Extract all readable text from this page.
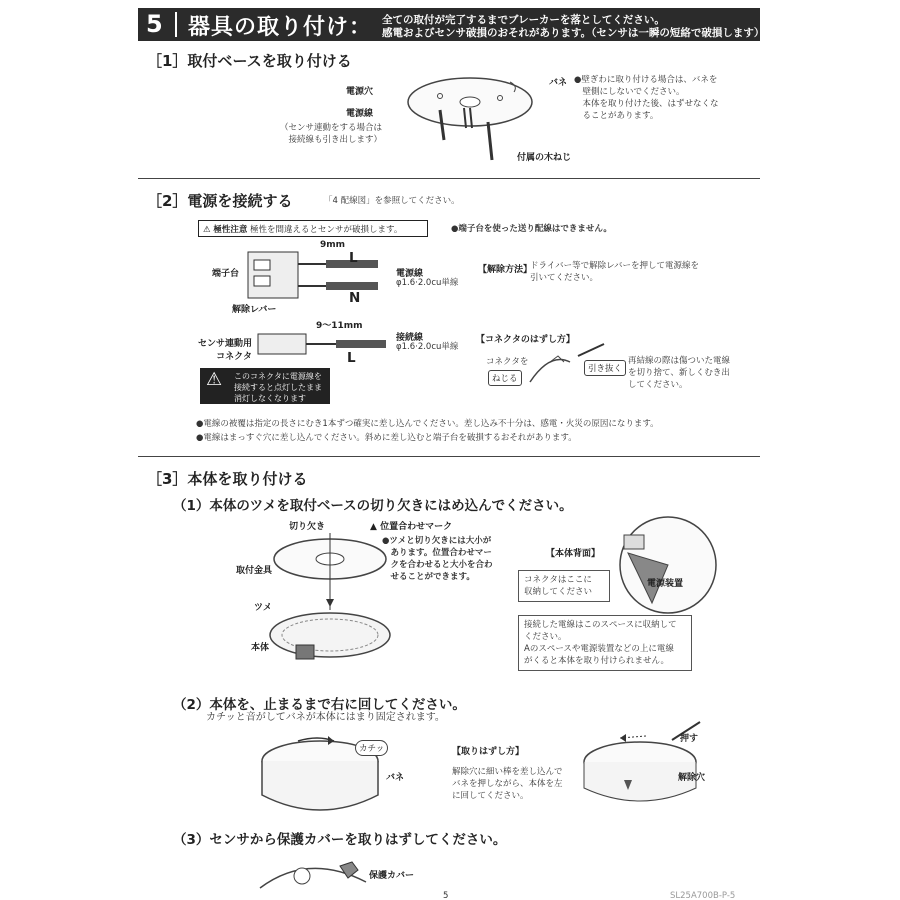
5 器具の取り付け： 全ての取付が完了するまでブレーカーを落としてください。
感電およびセンサ破損のおそれがあります。（センサは一瞬の短絡で破損します）
［1］取付ベースを取り付ける
電源穴
電源線
（センサ連動をする場合は
接続線も引き出します）
バネ
付属の木ねじ
●壁ぎわに取り付ける場合は、バネを
　壁側にしないでください。
　本体を取り付けた後、はずせなくな
　ることがあります。
［2］電源を接続する	「4 配線図」を参照してください。
⚠ 極性注意 極性を間違えるとセンサが破損します。	●端子台を使った送り配線はできません。
端子台
9mm
L
N
解除レバー
電源線
φ1.6·2.0cu単線
【解除方法】
ドライバー等で解除レバーを押して電源線を
引いてください。
センサ連動用
コネクタ
9～11mm
L
接続線
φ1.6·2.0cu単線
⚠ このコネクタに電源線を
接続すると点灯したまま
消灯しなくなります
【コネクタのはずし方】
コネクタを
ねじる
引き抜く
再結線の際は傷ついた電線
を切り捨て、新しくむき出
してください。
●電線の被覆は指定の長さにむき1本ずつ確実に差し込んでください。差し込み不十分は、感電・火災の原因になります。
●電線はまっすぐ穴に差し込んでください。斜めに差し込むと端子台を破損するおそれがあります。
［3］本体を取り付ける
（1）本体のツメを取付ベースの切り欠きにはめ込んでください。
切り欠き	▲ 位置合わせマーク
●ツメと切り欠きには大小が
　あります。位置合わせマー
　クを合わせると大小を合わ
　せることができます。
取付金具
ツメ
本体
【本体背面】
コネクタはここに
収納してください
電源装置
接続した電線はこのスペースに収納して
ください。
Aのスペースや電源装置などの上に電線
がくると本体を取り付けられません。
（2）本体を、止まるまで右に回してください。
カチッと音がしてバネが本体にはまり固定されます。
カチッ
バネ
【取りはずし方】
解除穴に細い棒を差し込んで
バネを押しながら、本体を左
に回してください。
押す
解除穴
（3）センサから保護カバーを取りはずしてください。
保護カバー
5	SL25A700B-P-5
